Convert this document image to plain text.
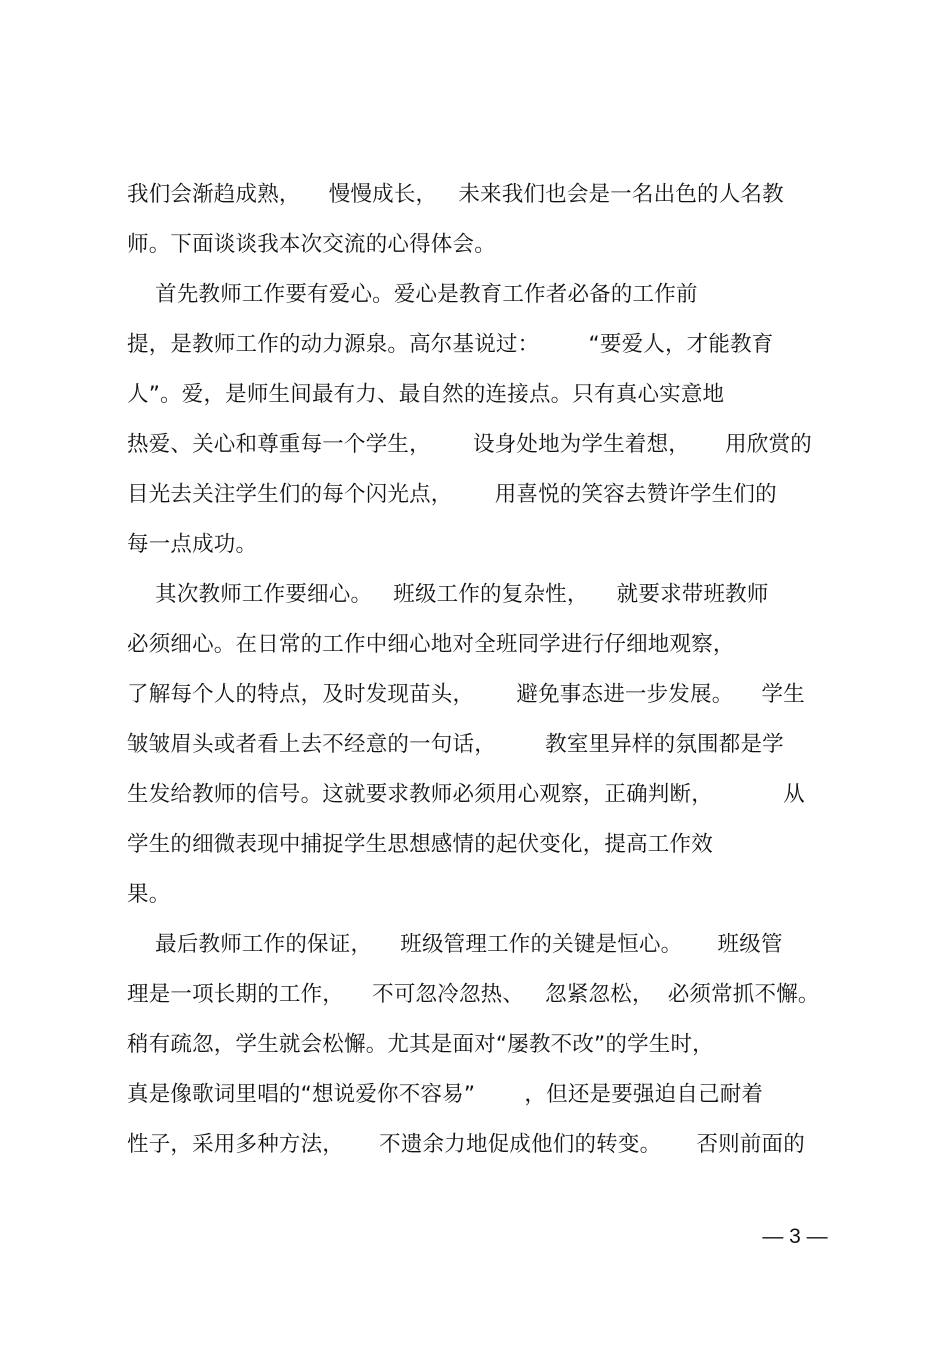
我们会渐趋成熟，    慢慢成长，   未来我们也会是一名出色的人名教
师。下面谈谈我本次交流的心得体会。
首先教师工作要有爱心。爱心是教育工作者必备的工作前
提，是教师工作的动力源泉。高尔基说过：       “要爱人，才能教育
人”。爱，是师生间最有力、最自然的连接点。只有真心实意地
热爱、关心和尊重每一个学生，      设身处地为学生着想，     用欣赏的
目光去关注学生们的每个闪光点，      用喜悦的笑容去赞许学生们的
每一点成功。
其次教师工作要细心。   班级工作的复杂性，    就要求带班教师
必须细心。在日常的工作中细心地对全班同学进行仔细地观察，
了解每个人的特点，及时发现苗头，      避免事态进一步发展。    学生
皱皱眉头或者看上去不经意的一句话，       教室里异样的氛围都是学
生发给教师的信号。这就要求教师必须用心观察，正确判断，          从
学生的细微表现中捕捉学生思想感情的起伏变化，提高工作效
果。
最后教师工作的保证，    班级管理工作的关键是恒心。     班级管
理是一项长期的工作，    不可忽冷忽热、   忽紧忽松，  必须常抓不懈。
稍有疏忽，学生就会松懈。尤其是面对“屡教不改”的学生时，
真是像歌词里唱的“想说爱你不容易”       ，但还是要强迫自己耐着
性子，采用多种方法，     不遗余力地促成他们的转变。     否则前面的
— 3 —
